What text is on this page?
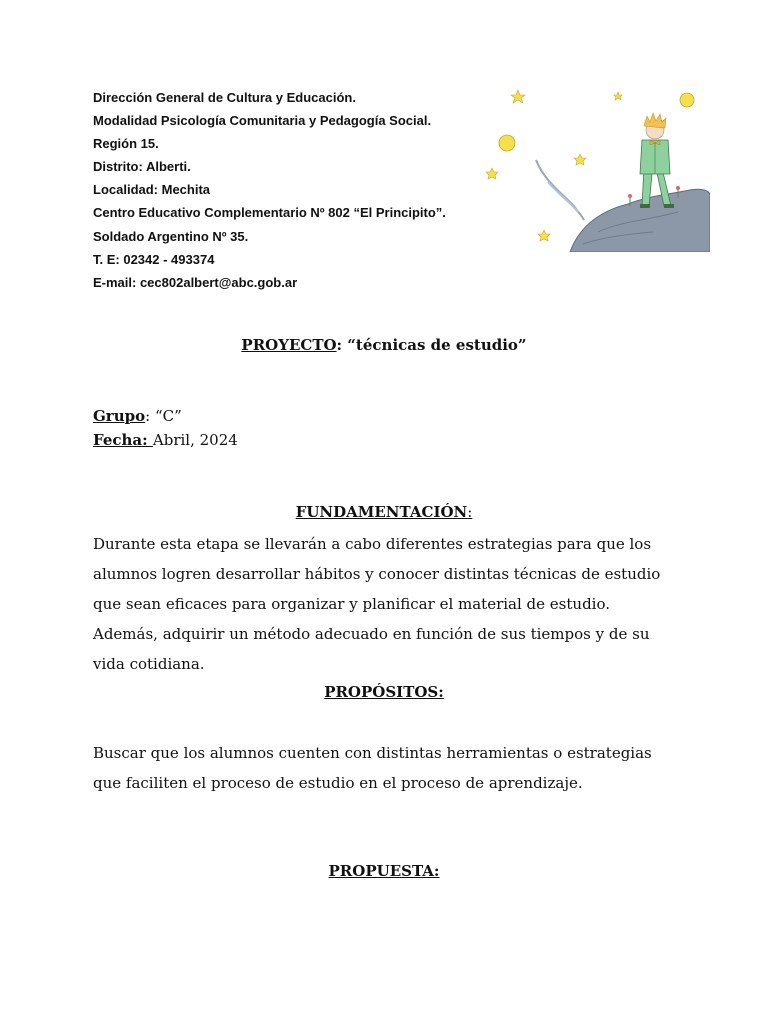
Dirección General de Cultura y Educación.
Modalidad Psicología Comunitaria y Pedagogía Social.
Región 15.
Distrito: Alberti.
Localidad: Mechita
Centro Educativo Complementario Nº 802 “El Principito”.
Soldado Argentino Nº 35.
T. E: 02342 - 493374
E-mail: cec802albert@abc.gob.ar
PROYECTO: “técnicas de estudio”
Grupo: “C”
Fecha: Abril, 2024
FUNDAMENTACIÓN:
Durante esta etapa se llevarán a cabo diferentes estrategias para que los
alumnos logren desarrollar hábitos y conocer distintas técnicas de estudio
que sean eficaces para organizar y planificar el material de estudio.
Además, adquirir un método adecuado en función de sus tiempos y de su
vida cotidiana.
PROPÓSITOS:
Buscar que los alumnos cuenten con distintas herramientas o estrategias
que faciliten el proceso de estudio en el proceso de aprendizaje.
PROPUESTA:
